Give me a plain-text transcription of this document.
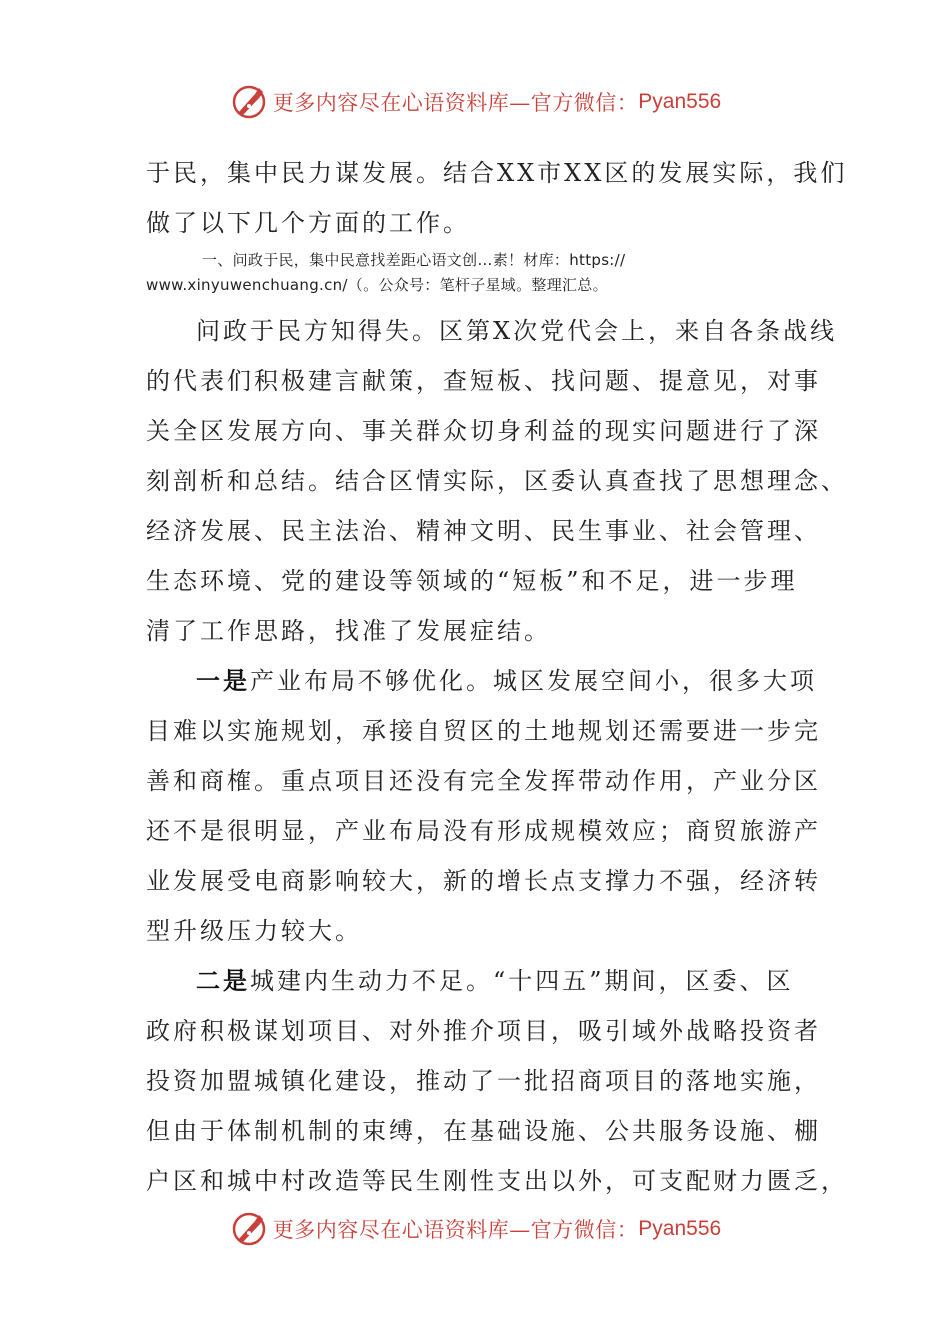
更多内容尽在心语资料库—官方微信： Pyan556
于民，集中民力谋发展。结合XX市XX区的发展实际，我们
做了以下几个方面的工作。
一、问政于民，集中民意找差距心语文创…素！材库：https://
www.xinyuwenchuang.cn/（。公众号：笔杆子星域。整理汇总。
问政于民方知得失。区第X次党代会上，来自各条战线
的代表们积极建言献策，查短板、找问题、提意见，对事
关全区发展方向、事关群众切身利益的现实问题进行了深
刻剖析和总结。结合区情实际，区委认真查找了思想理念、
经济发展、民主法治、精神文明、民生事业、社会管理、
生态环境、党的建设等领域的“短板”和不足，进一步理
清了工作思路，找准了发展症结。
一是产业布局不够优化。城区发展空间小，很多大项
目难以实施规划，承接自贸区的土地规划还需要进一步完
善和商榷。重点项目还没有完全发挥带动作用，产业分区
还不是很明显，产业布局没有形成规模效应；商贸旅游产
业发展受电商影响较大，新的增长点支撑力不强，经济转
型升级压力较大。
二是城建内生动力不足。“十四五”期间，区委、区
政府积极谋划项目、对外推介项目，吸引域外战略投资者
投资加盟城镇化建设，推动了一批招商项目的落地实施，
但由于体制机制的束缚，在基础设施、公共服务设施、棚
户区和城中村改造等民生刚性支出以外，可支配财力匮乏，
更多内容尽在心语资料库—官方微信： Pyan556
